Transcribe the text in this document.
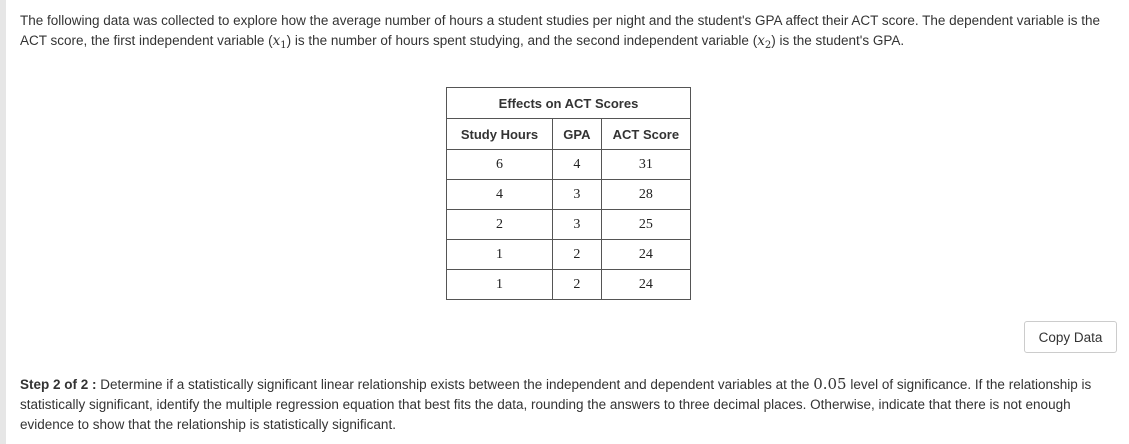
The following data was collected to explore how the average number of hours a student studies per night and the student's GPA affect their ACT score. The dependent variable is the ACT score, the first independent variable $(x_1)$ is the number of hours spent studying, and the second independent variable $(x_2)$ is the student's GPA.
Effects on ACT Scores		
Study Hours	GPA	ACT Score
6	4	31
4	3	28
2	3	25
1	2	24
1	2	24
Copy Data
Step 2 of 2 : Determine if a statistically significant linear relationship exists between the independent and dependent variables at the 0.05 level of significance. If the relationship is statistically significant, identify the multiple regression equation that best fits the data, rounding the answers to three decimal places. Otherwise, indicate that there is not enough evidence to show that the relationship is statistically significant.
